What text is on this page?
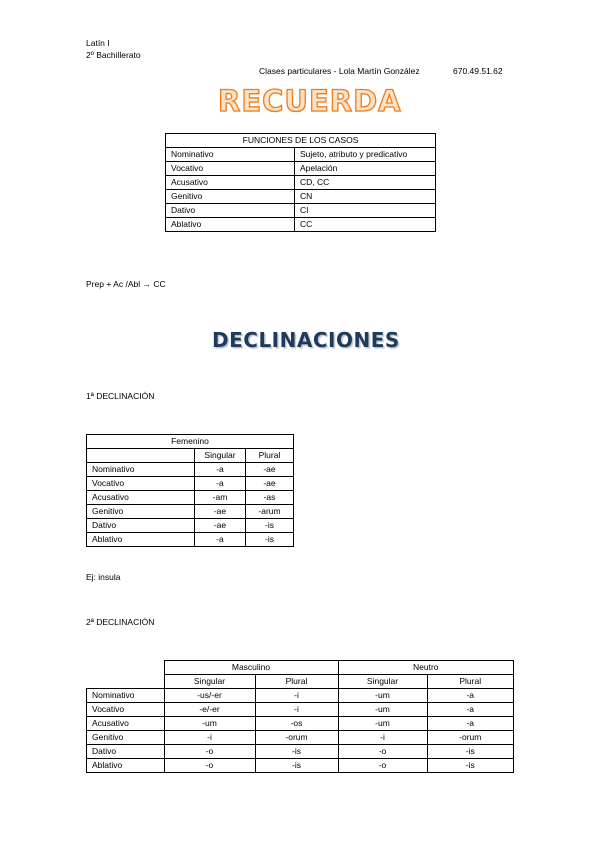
Latín I
2º Bachillerato
Clases particulares - Lola Martín González	670.49.51.62
RECUERDA
FUNCIONES DE LOS CASOS	
Nominativo	Sujeto, atributo y predicativo
Vocativo	Apelación
Acusativo	CD, CC
Genitivo	CN
Dativo	CI
Ablativo	CC
Prep + Ac /Abl → CC
DECLINACIONES
1ª DECLINACIÓN
Femenino		
	Singular	Plural
Nominativo	-a	-ae
Vocativo	-a	-ae
Acusativo	-am	-as
Genitivo	-ae	-arum
Dativo	-ae	-is
Ablativo	-a	-is
Ej: insula
2ª DECLINACIÓN
	Masculino		Neutro	
	Singular	Plural	Singular	Plural
Nominativo	-us/-er	-i	-um	-a
Vocativo	-e/-er	-i	-um	-a
Acusativo	-um	-os	-um	-a
Genitivo	-i	-orum	-i	-orum
Dativo	-o	-is	-o	-is
Ablativo	-o	-is	-o	-is
